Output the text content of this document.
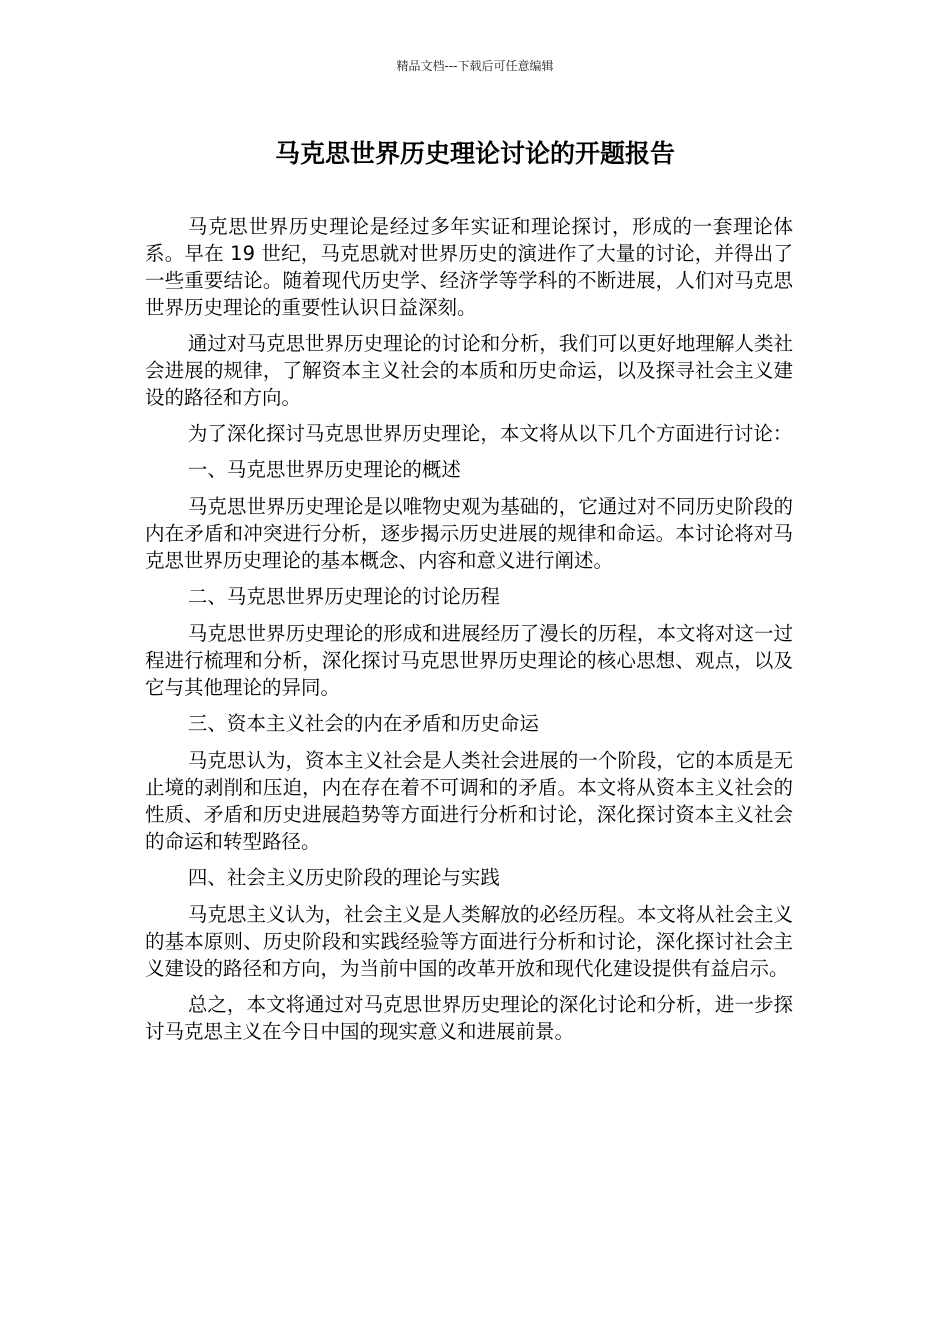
精品文档---下载后可任意编辑
马克思世界历史理论讨论的开题报告

马克思世界历史理论是经过多年实证和理论探讨，形成的一套理论体系。早在 19 世纪，马克思就对世界历史的演进作了大量的讨论，并得出了一些重要结论。随着现代历史学、经济学等学科的不断进展，人们对马克思世界历史理论的重要性认识日益深刻。

通过对马克思世界历史理论的讨论和分析，我们可以更好地理解人类社会进展的规律，了解资本主义社会的本质和历史命运，以及探寻社会主义建设的路径和方向。

为了深化探讨马克思世界历史理论，本文将从以下几个方面进行讨论：

一、马克思世界历史理论的概述

马克思世界历史理论是以唯物史观为基础的，它通过对不同历史阶段的内在矛盾和冲突进行分析，逐步揭示历史进展的规律和命运。本讨论将对马克思世界历史理论的基本概念、内容和意义进行阐述。

二、马克思世界历史理论的讨论历程

马克思世界历史理论的形成和进展经历了漫长的历程，本文将对这一过程进行梳理和分析，深化探讨马克思世界历史理论的核心思想、观点，以及它与其他理论的异同。

三、资本主义社会的内在矛盾和历史命运

马克思认为，资本主义社会是人类社会进展的一个阶段，它的本质是无止境的剥削和压迫，内在存在着不可调和的矛盾。本文将从资本主义社会的性质、矛盾和历史进展趋势等方面进行分析和讨论，深化探讨资本主义社会的命运和转型路径。

四、社会主义历史阶段的理论与实践

马克思主义认为，社会主义是人类解放的必经历程。本文将从社会主义的基本原则、历史阶段和实践经验等方面进行分析和讨论，深化探讨社会主义建设的路径和方向，为当前中国的改革开放和现代化建设提供有益启示。

总之，本文将通过对马克思世界历史理论的深化讨论和分析，进一步探讨马克思主义在今日中国的现实意义和进展前景。
